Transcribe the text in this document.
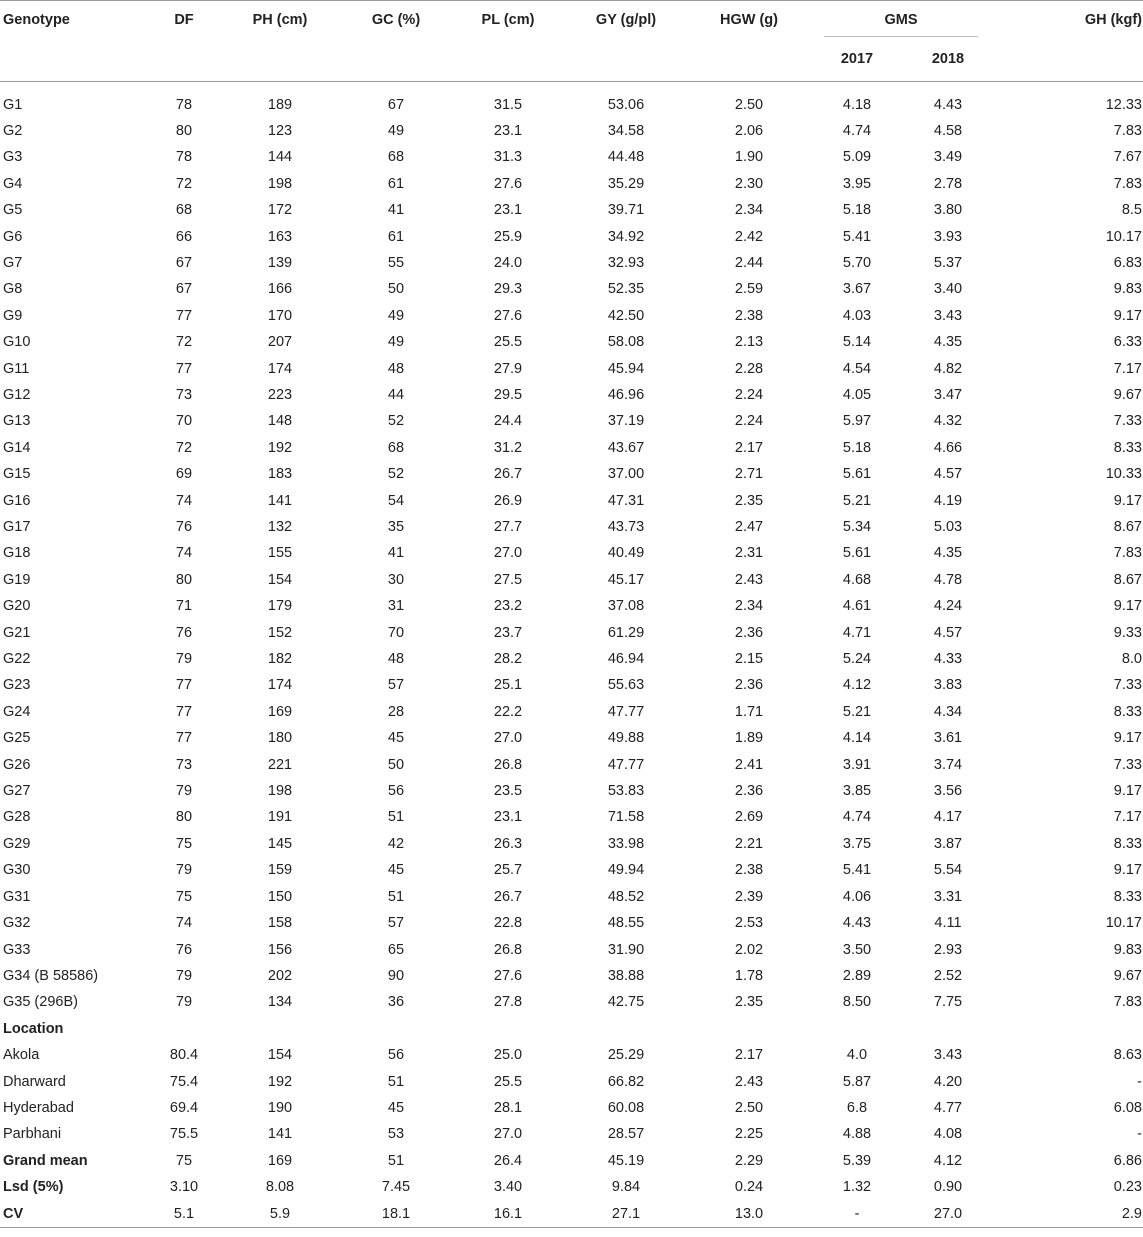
Genotype	DF	PH (cm)	GC (%)	PL (cm)	GY (g/pl)	HGW (g)	GMS		GH (kgf)
							2017	2018	

G1	78	189	67	31.5	53.06	2.50	4.18	4.43	12.33
G2	80	123	49	23.1	34.58	2.06	4.74	4.58	7.83
G3	78	144	68	31.3	44.48	1.90	5.09	3.49	7.67
G4	72	198	61	27.6	35.29	2.30	3.95	2.78	7.83
G5	68	172	41	23.1	39.71	2.34	5.18	3.80	8.5
G6	66	163	61	25.9	34.92	2.42	5.41	3.93	10.17
G7	67	139	55	24.0	32.93	2.44	5.70	5.37	6.83
G8	67	166	50	29.3	52.35	2.59	3.67	3.40	9.83
G9	77	170	49	27.6	42.50	2.38	4.03	3.43	9.17
G10	72	207	49	25.5	58.08	2.13	5.14	4.35	6.33
G11	77	174	48	27.9	45.94	2.28	4.54	4.82	7.17
G12	73	223	44	29.5	46.96	2.24	4.05	3.47	9.67
G13	70	148	52	24.4	37.19	2.24	5.97	4.32	7.33
G14	72	192	68	31.2	43.67	2.17	5.18	4.66	8.33
G15	69	183	52	26.7	37.00	2.71	5.61	4.57	10.33
G16	74	141	54	26.9	47.31	2.35	5.21	4.19	9.17
G17	76	132	35	27.7	43.73	2.47	5.34	5.03	8.67
G18	74	155	41	27.0	40.49	2.31	5.61	4.35	7.83
G19	80	154	30	27.5	45.17	2.43	4.68	4.78	8.67
G20	71	179	31	23.2	37.08	2.34	4.61	4.24	9.17
G21	76	152	70	23.7	61.29	2.36	4.71	4.57	9.33
G22	79	182	48	28.2	46.94	2.15	5.24	4.33	8.0
G23	77	174	57	25.1	55.63	2.36	4.12	3.83	7.33
G24	77	169	28	22.2	47.77	1.71	5.21	4.34	8.33
G25	77	180	45	27.0	49.88	1.89	4.14	3.61	9.17
G26	73	221	50	26.8	47.77	2.41	3.91	3.74	7.33
G27	79	198	56	23.5	53.83	2.36	3.85	3.56	9.17
G28	80	191	51	23.1	71.58	2.69	4.74	4.17	7.17
G29	75	145	42	26.3	33.98	2.21	3.75	3.87	8.33
G30	79	159	45	25.7	49.94	2.38	5.41	5.54	9.17
G31	75	150	51	26.7	48.52	2.39	4.06	3.31	8.33
G32	74	158	57	22.8	48.55	2.53	4.43	4.11	10.17
G33	76	156	65	26.8	31.90	2.02	3.50	2.93	9.83
G34 (B 58586)	79	202	90	27.6	38.88	1.78	2.89	2.52	9.67
G35 (296B)	79	134	36	27.8	42.75	2.35	8.50	7.75	7.83
Location									
Akola	80.4	154	56	25.0	25.29	2.17	4.0	3.43	8.63
Dharward	75.4	192	51	25.5	66.82	2.43	5.87	4.20	-
Hyderabad	69.4	190	45	28.1	60.08	2.50	6.8	4.77	6.08
Parbhani	75.5	141	53	27.0	28.57	2.25	4.88	4.08	-
Grand mean	75	169	51	26.4	45.19	2.29	5.39	4.12	6.86
Lsd (5%)	3.10	8.08	7.45	3.40	9.84	0.24	1.32	0.90	0.23
CV	5.1	5.9	18.1	16.1	27.1	13.0	-	27.0	2.9
